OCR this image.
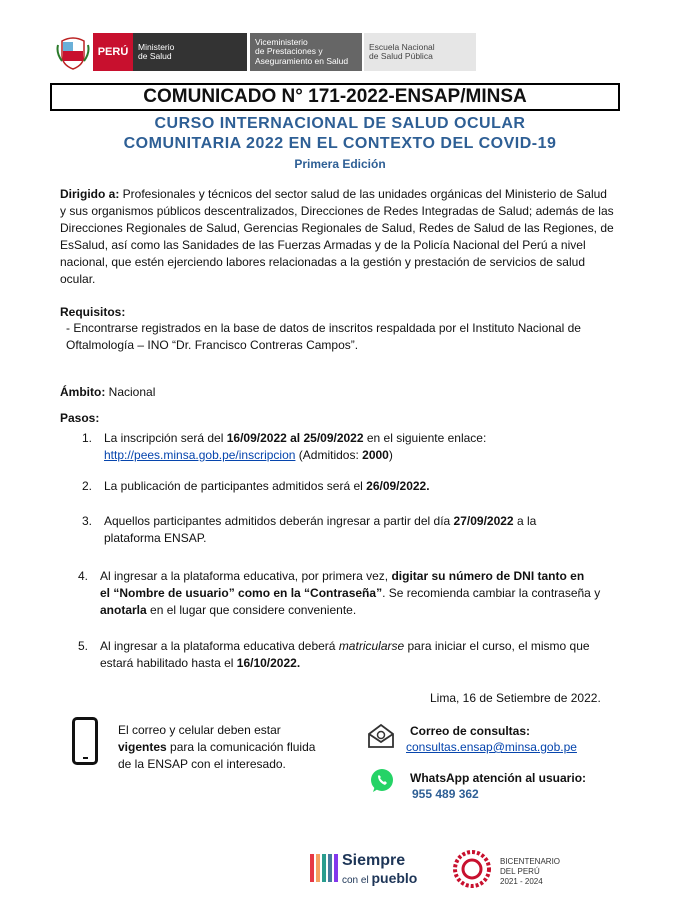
PERÚ	Ministerio
de Salud
Viceministerio
de Prestaciones y
Aseguramiento en Salud
Escuela Nacional
de Salud Pública
COMUNICADO N° 171-2022-ENSAP/MINSA
CURSO INTERNACIONAL DE SALUD OCULAR
COMUNITARIA 2022 EN EL CONTEXTO DEL COVID-19
Primera Edición
Dirigido a: Profesionales y técnicos del sector salud de las unidades orgánicas del Ministerio de Salud
y sus organismos públicos descentralizados, Direcciones de Redes Integradas de Salud; además de las
Direcciones Regionales de Salud, Gerencias Regionales de Salud, Redes de Salud de las Regiones, de
EsSalud, así como las Sanidades de las Fuerzas Armadas y de la Policía Nacional del Perú a nivel
nacional, que estén ejerciendo labores relacionadas a la gestión y prestación de servicios de salud
ocular.
Requisitos:
- Encontrarse registrados en la base de datos de inscritos respaldada por el Instituto Nacional de
Oftalmología – INO “Dr. Francisco Contreras Campos”.
Ámbito: Nacional
Pasos:
1. La inscripción será del 16/09/2022 al 25/09/2022 en el siguiente enlace:
http://pees.minsa.gob.pe/inscripcion (Admitidos: 2000)
2. La publicación de participantes admitidos será el 26/09/2022.
3. Aquellos participantes admitidos deberán ingresar a partir del día 27/09/2022 a la
plataforma ENSAP.
4. Al ingresar a la plataforma educativa, por primera vez, digitar su número de DNI tanto en
el “Nombre de usuario” como en la “Contraseña”. Se recomienda cambiar la contraseña y
anotarla en el lugar que considere conveniente.
5. Al ingresar a la plataforma educativa deberá matricularse para iniciar el curso, el mismo que
estará habilitado hasta el 16/10/2022.
Lima, 16 de Setiembre de 2022.
El correo y celular deben estar
vigentes para la comunicación fluida
de la ENSAP con el interesado.
Correo de consultas:
consultas.ensap@minsa.gob.pe
WhatsApp atención al usuario:
955 489 362
Siempre
con el pueblo
BICENTENARIO
DEL PERÚ
2021 - 2024
